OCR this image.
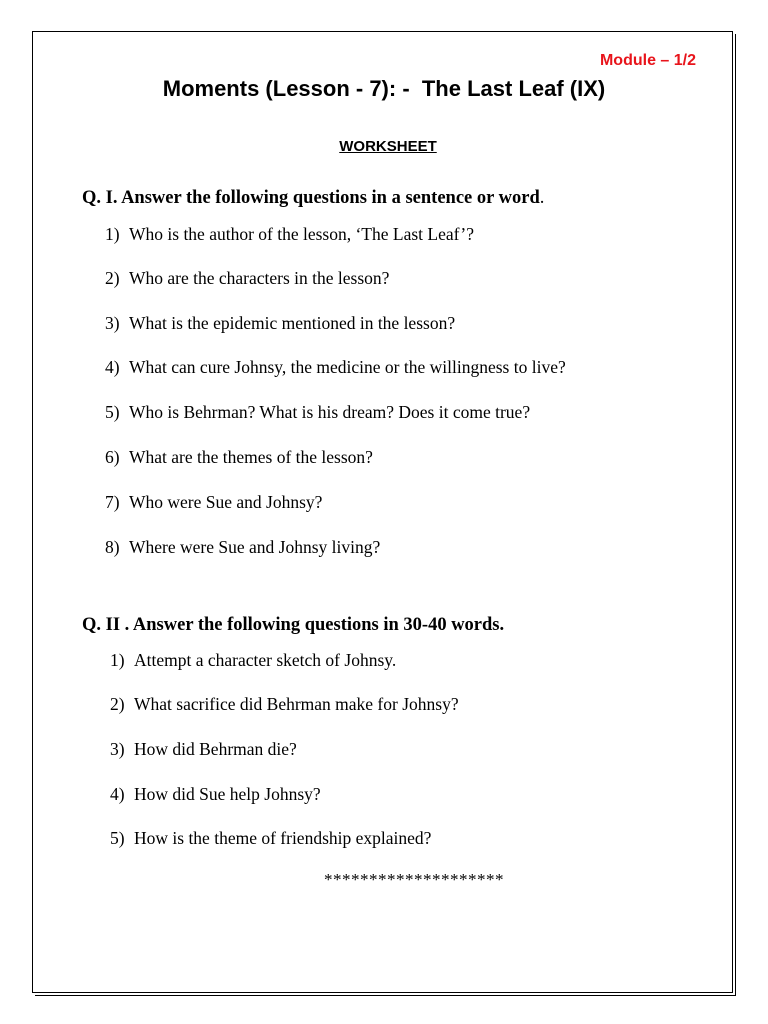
Module – 1/2
Moments (Lesson - 7): -  The Last Leaf (IX)
WORKSHEET
Q. I. Answer the following questions in a sentence or word.
1) Who is the author of the lesson, ‘The Last Leaf’?
2) Who are the characters in the lesson?
3) What is the epidemic mentioned in the lesson?
4) What can cure Johnsy, the medicine or the willingness to live?
5) Who is Behrman? What is his dream? Does it come true?
6) What are the themes of the lesson?
7) Who were Sue and Johnsy?
8) Where were Sue and Johnsy living?
Q. II . Answer the following questions in 30-40 words.
1) Attempt a character sketch of Johnsy.
2) What sacrifice did Behrman make for Johnsy?
3) How did Behrman die?
4) How did Sue help Johnsy?
5) How is the theme of friendship explained?
********************
